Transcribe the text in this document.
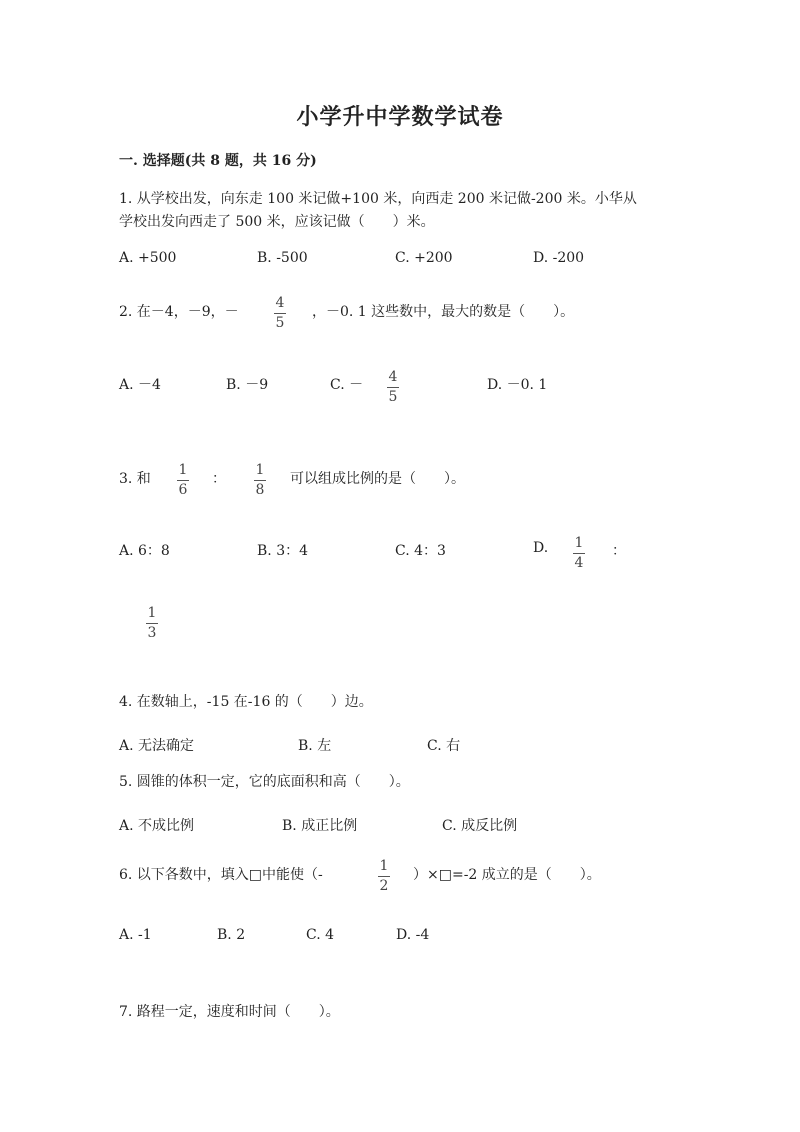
小学升中学数学试卷
一. 选择题(共 8 题，共 16 分)
1. 从学校出发，向东走 100 米记做+100 米，向西走 200 米记做-200 米。小华从
学校出发向西走了 500 米，应该记做（　　）米。
A. +500	B. -500	C. +200	D. -200
2. 在－4，－9，－
4
5
，－0. 1 这些数中，最大的数是（　　）。
A. －4	B. －9	C. － 4
5
D. －0. 1
3. 和
1
6
：
1
8
可以组成比例的是（　　）。
A. 6：8	B. 3：4	C. 4：3	D. 1
4
：
1
3
4. 在数轴上，-15 在-16 的（　　）边。
A. 无法确定	B. 左	C. 右
5. 圆锥的体积一定，它的底面积和高（　　）。
A. 不成比例	B. 成正比例	C. 成反比例
6. 以下各数中，填入□中能使（-
1
2
）×□=-2 成立的是（　　）。
A. -1	B. 2	C. 4	D. -4
7. 路程一定，速度和时间（　　）。
